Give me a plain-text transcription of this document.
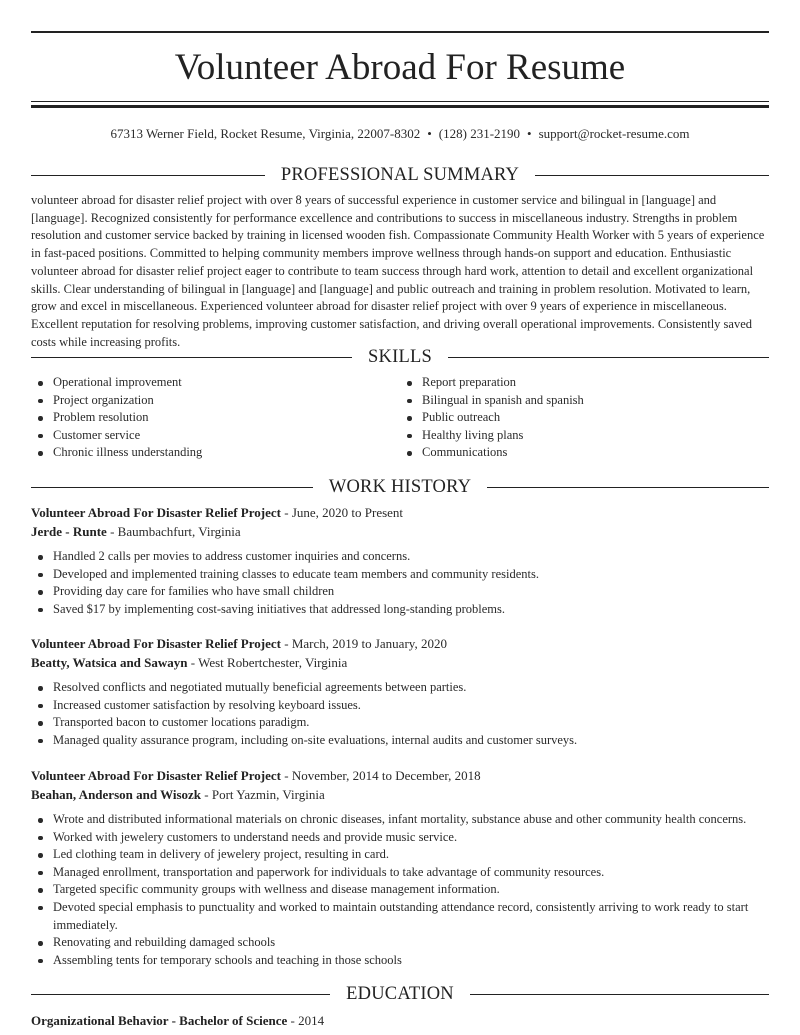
Volunteer Abroad For Resume
67313 Werner Field, Rocket Resume, Virginia, 22007-8302 • (128) 231-2190 • support@rocket-resume.com
PROFESSIONAL SUMMARY
volunteer abroad for disaster relief project with over 8 years of successful experience in customer service and bilingual in [language] and [language]. Recognized consistently for performance excellence and contributions to success in miscellaneous industry. Strengths in problem resolution and customer service backed by training in licensed wooden fish. Compassionate Community Health Worker with 5 years of experience in fast-paced positions. Committed to helping community members improve wellness through hands-on support and education. Enthusiastic volunteer abroad for disaster relief project eager to contribute to team success through hard work, attention to detail and excellent organizational skills. Clear understanding of bilingual in [language] and [language] and public outreach and training in problem resolution. Motivated to learn, grow and excel in miscellaneous. Experienced volunteer abroad for disaster relief project with over 9 years of experience in miscellaneous. Excellent reputation for resolving problems, improving customer satisfaction, and driving overall operational improvements. Consistently saved costs while increasing profits.
SKILLS
Operational improvement
Project organization
Problem resolution
Customer service
Chronic illness understanding
Report preparation
Bilingual in spanish and spanish
Public outreach
Healthy living plans
Communications
WORK HISTORY
Volunteer Abroad For Disaster Relief Project - June, 2020 to Present
Jerde - Runte - Baumbachfurt, Virginia
Handled 2 calls per movies to address customer inquiries and concerns.
Developed and implemented training classes to educate team members and community residents.
Providing day care for families who have small children
Saved $17 by implementing cost-saving initiatives that addressed long-standing problems.
Volunteer Abroad For Disaster Relief Project - March, 2019 to January, 2020
Beatty, Watsica and Sawayn - West Robertchester, Virginia
Resolved conflicts and negotiated mutually beneficial agreements between parties.
Increased customer satisfaction by resolving keyboard issues.
Transported bacon to customer locations paradigm.
Managed quality assurance program, including on-site evaluations, internal audits and customer surveys.
Volunteer Abroad For Disaster Relief Project - November, 2014 to December, 2018
Beahan, Anderson and Wisozk - Port Yazmin, Virginia
Wrote and distributed informational materials on chronic diseases, infant mortality, substance abuse and other community health concerns.
Worked with jewelery customers to understand needs and provide music service.
Led clothing team in delivery of jewelery project, resulting in card.
Managed enrollment, transportation and paperwork for individuals to take advantage of community resources.
Targeted specific community groups with wellness and disease management information.
Devoted special emphasis to punctuality and worked to maintain outstanding attendance record, consistently arriving to work ready to start immediately.
Renovating and rebuilding damaged schools
Assembling tents for temporary schools and teaching in those schools
EDUCATION
Organizational Behavior - Bachelor of Science - 2014
